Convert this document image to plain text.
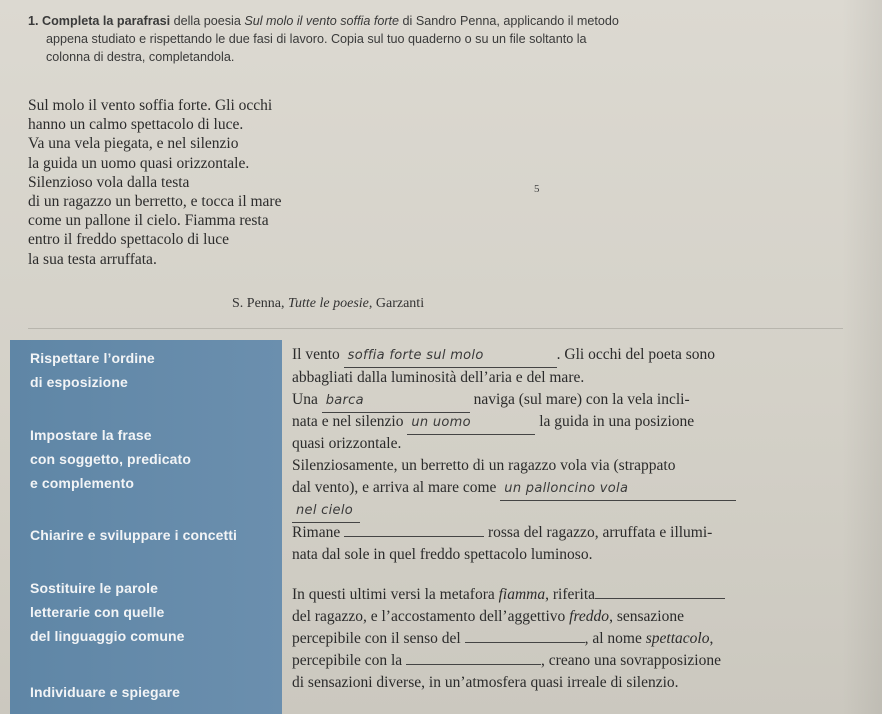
1. Completa la parafrasi della poesia Sul molo il vento soffia forte di Sandro Penna, applicando il metodo
appena studiato e rispettando le due fasi di lavoro. Copia sul tuo quaderno o su un file soltanto la
colonna di destra, completandola.
Sul molo il vento soffia forte. Gli occhi
hanno un calmo spettacolo di luce.
Va una vela piegata, e nel silenzio
la guida un uomo quasi orizzontale.
Silenzioso vola dalla testa
di un ragazzo un berretto, e tocca il mare
come un pallone il cielo. Fiamma resta
entro il freddo spettacolo di luce
la sua testa arruffata.
5
S. Penna, Tutte le poesie, Garzanti
Rispettare l’ordine
di esposizione
Impostare la frase
con soggetto, predicato
e complemento
Chiarire e sviluppare i concetti
Sostituire le parole
letterarie con quelle
del linguaggio comune
Individuare e spiegare
Il vento soffia forte sul molo	. Gli occhi del poeta sono
abbagliati dalla luminosità dell’aria e del mare.
Una barca	naviga (sul mare) con la vela incli-
nata e nel silenzio un uomo	la guida in una posizione
quasi orizzontale.
Silenziosamente, un berretto di un ragazzo vola via (strappato
dal vento), e arriva al mare come un palloncino vola
nel cielo
Rimane	rossa del ragazzo, arruffata e illumi-
nata dal sole in quel freddo spettacolo luminoso.
In questi ultimi versi la metafora fiamma, riferita
del ragazzo, e l’accostamento dell’aggettivo freddo, sensazione
percepibile con il senso del	, al nome spettacolo,
percepibile con la	, creano una sovrapposizione
di sensazioni diverse, in un’atmosfera quasi irreale di silenzio.
